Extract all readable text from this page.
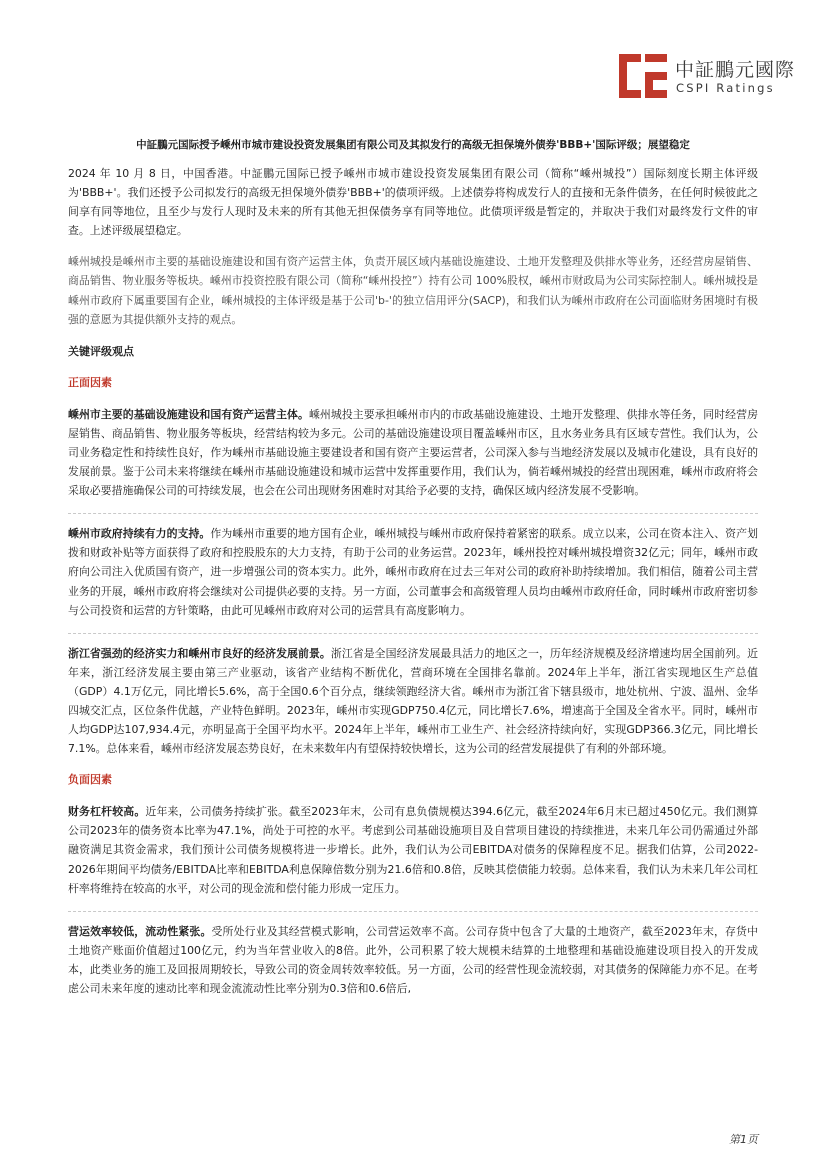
中証鵬元國際
CSPI Ratings
中証鵬元国际授予嵊州市城市建设投资发展集团有限公司及其拟发行的高级无担保境外债券'BBB+'国际评级；展望稳定

2024 年 10 月 8 日，中国香港。中証鵬元国际已授予嵊州市城市建设投资发展集团有限公司（简称“嵊州城投”）国际刻度长期主体评级为'BBB+'。我们还授予公司拟发行的高级无担保境外债券'BBB+'的债项评级。上述债券将构成发行人的直接和无条件债务，在任何时候彼此之间享有同等地位，且至少与发行人现时及未来的所有其他无担保债务享有同等地位。此债项评级是暂定的，并取决于我们对最终发行文件的审查。上述评级展望稳定。

嵊州城投是嵊州市主要的基础设施建设和国有资产运营主体，负责开展区域内基础设施建设、土地开发整理及供排水等业务，还经营房屋销售、商品销售、物业服务等板块。嵊州市投资控股有限公司（简称“嵊州投控”）持有公司 100%股权，嵊州市财政局为公司实际控制人。嵊州城投是嵊州市政府下属重要国有企业，嵊州城投的主体评级是基于公司'b-'的独立信用评分(SACP)，和我们认为嵊州市政府在公司面临财务困境时有极强的意愿为其提供额外支持的观点。

关键评级观点
正面因素

嵊州市主要的基础设施建设和国有资产运营主体。嵊州城投主要承担嵊州市内的市政基础设施建设、土地开发整理、供排水等任务，同时经营房屋销售、商品销售、物业服务等板块，经营结构较为多元。公司的基础设施建设项目覆盖嵊州市区，且水务业务具有区域专营性。我们认为，公司业务稳定性和持续性良好，作为嵊州市基础设施主要建设者和国有资产主要运营者，公司深入参与当地经济发展以及城市化建设，具有良好的发展前景。鉴于公司未来将继续在嵊州市基础设施建设和城市运营中发挥重要作用，我们认为，倘若嵊州城投的经营出现困难，嵊州市政府将会采取必要措施确保公司的可持续发展，也会在公司出现财务困难时对其给予必要的支持，确保区域内经济发展不受影响。

嵊州市政府持续有力的支持。作为嵊州市重要的地方国有企业，嵊州城投与嵊州市政府保持着紧密的联系。成立以来，公司在资本注入、资产划拨和财政补贴等方面获得了政府和控股股东的大力支持，有助于公司的业务运营。2023年，嵊州投控对嵊州城投增资32亿元；同年，嵊州市政府向公司注入优质国有资产，进一步增强公司的资本实力。此外，嵊州市政府在过去三年对公司的政府补助持续增加。我们相信，随着公司主营业务的开展，嵊州市政府将会继续对公司提供必要的支持。另一方面，公司董事会和高级管理人员均由嵊州市政府任命，同时嵊州市政府密切参与公司投资和运营的方针策略，由此可见嵊州市政府对公司的运营具有高度影响力。

浙江省强劲的经济实力和嵊州市良好的经济发展前景。浙江省是全国经济发展最具活力的地区之一，历年经济规模及经济增速均居全国前列。近年来，浙江经济发展主要由第三产业驱动，该省产业结构不断优化，营商环境在全国排名靠前。2024年上半年，浙江省实现地区生产总值（GDP）4.1万亿元，同比增长5.6%，高于全国0.6个百分点，继续领跑经济大省。嵊州市为浙江省下辖县级市，地处杭州、宁波、温州、金华四城交汇点，区位条件优越，产业特色鲜明。2023年，嵊州市实现GDP750.4亿元，同比增长7.6%，增速高于全国及全省水平。同时，嵊州市人均GDP达107,934.4元，亦明显高于全国平均水平。2024年上半年，嵊州市工业生产、社会经济持续向好，实现GDP366.3亿元，同比增长7.1%。总体来看，嵊州市经济发展态势良好，在未来数年内有望保持较快增长，这为公司的经营发展提供了有利的外部环境。

负面因素

财务杠杆较高。近年来，公司债务持续扩张。截至2023年末，公司有息负债规模达394.6亿元，截至2024年6月末已超过450亿元。我们测算公司2023年的债务资本比率为47.1%，尚处于可控的水平。考虑到公司基础设施项目及自营项目建设的持续推进，未来几年公司仍需通过外部融资满足其资金需求，我们预计公司债务规模将进一步增长。此外，我们认为公司EBITDA对债务的保障程度不足。据我们估算，公司2022-2026年期间平均债务/EBITDA比率和EBITDA利息保障倍数分别为21.6倍和0.8倍，反映其偿债能力较弱。总体来看，我们认为未来几年公司杠杆率将维持在较高的水平，对公司的现金流和偿付能力形成一定压力。

营运效率较低，流动性紧张。受所处行业及其经营模式影响，公司营运效率不高。公司存货中包含了大量的土地资产，截至2023年末，存货中土地资产账面价值超过100亿元，约为当年营业收入的8倍。此外，公司积累了较大规模未结算的土地整理和基础设施建设项目投入的开发成本，此类业务的施工及回报周期较长，导致公司的资金周转效率较低。另一方面，公司的经营性现金流较弱，对其债务的保障能力亦不足。在考虑公司未来年度的速动比率和现金流流动性比率分别为0.3倍和0.6倍后,

第1页
